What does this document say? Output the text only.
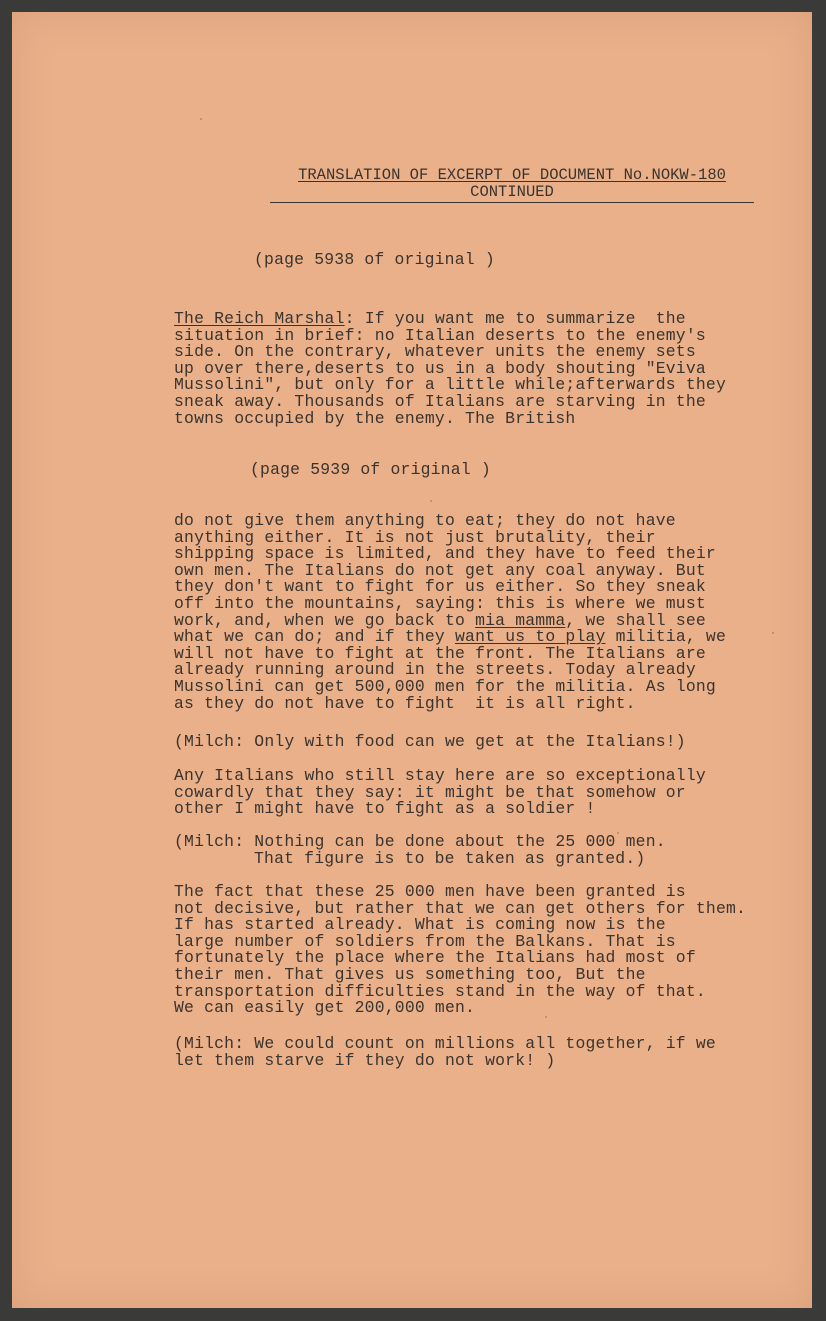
TRANSLATION OF EXCERPT OF DOCUMENT No.NOKW-180
CONTINUED
(page 5938 of original )
The Reich Marshal: If you want me to summarize  the
situation in brief: no Italian deserts to the enemy's
side. On the contrary, whatever units the enemy sets
up over there,deserts to us in a body shouting "Eviva
Mussolini", but only for a little while;afterwards they
sneak away. Thousands of Italians are starving in the
towns occupied by the enemy. The British
(page 5939 of original )
do not give them anything to eat; they do not have
anything either. It is not just brutality, their
shipping space is limited, and they have to feed their
own men. The Italians do not get any coal anyway. But
they don't want to fight for us either. So they sneak
off into the mountains, saying: this is where we must
work, and, when we go back to mia mamma, we shall see
what we can do; and if they want us to play militia, we
will not have to fight at the front. The Italians are
already running around in the streets. Today already
Mussolini can get 500,000 men for the militia. As long
as they do not have to fight  it is all right.
(Milch: Only with food can we get at the Italians!)
Any Italians who still stay here are so exceptionally
cowardly that they say: it might be that somehow or
other I might have to fight as a soldier !
(Milch: Nothing can be done about the 25 000 men.
That figure is to be taken as granted.)
The fact that these 25 000 men have been granted is
not decisive, but rather that we can get others for them.
If has started already. What is coming now is the
large number of soldiers from the Balkans. That is
fortunately the place where the Italians had most of
their men. That gives us something too, But the
transportation difficulties stand in the way of that.
We can easily get 200,000 men.
(Milch: We could count on millions all together, if we
let them starve if they do not work! )
